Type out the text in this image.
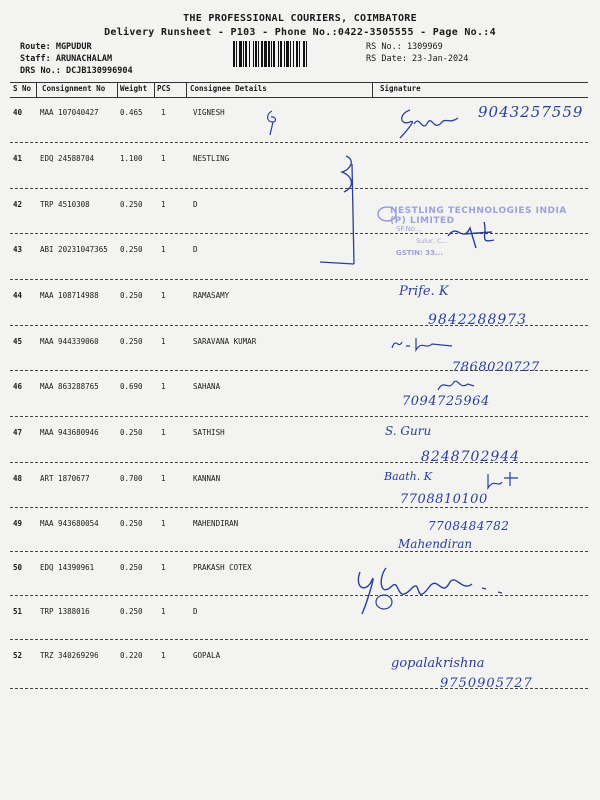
THE PROFESSIONAL COURIERS, COIMBATORE
Delivery Runsheet - P103 - Phone No.:0422-3505555 - Page No.:4
Route: MGPUDUR
Staff: ARUNACHALAM
DRS No.: DCJB130996904
RS No.: 1309969
RS Date: 23-Jan-2024
S No Consignment No Weight PCS	Consignee Details	Signature
40 MAA 107040427	0.465 1	VIGNESH
41 EDQ 24588704	1.100 1	NESTLING
42 TRP 4510308	0.250 1	D
43 ABI 20231047365 0.250 1	D
44 MAA 108714988	0.250 1	RAMASAMY
45 MAA 944339060	0.250 1	SARAVANA KUMAR
46 MAA 863288765	0.690 1	SAHANA
47 MAA 943680946	0.250 1	SATHISH
48 ART 1870677	0.700 1	KANNAN
49 MAA 943680054	0.250 1	MAHENDIRAN
50 EDQ 14390961	0.250 1	PRAKASH COTEX
51 TRP 1388016	0.250 1	D
52 TRZ 340269296	0.220 1	GOPALA
NESTLING TECHNOLOGIES INDIA (P) LIMITED
SF.No...
Sulur, C...
GSTIN: 33...
9043257559
Prife. K
9842288973
7868020727
7094725964
S. Guru
8248702944
Baath. K
7708810100
7708484782
Mahendiran
gopalakrishna
9750905727
